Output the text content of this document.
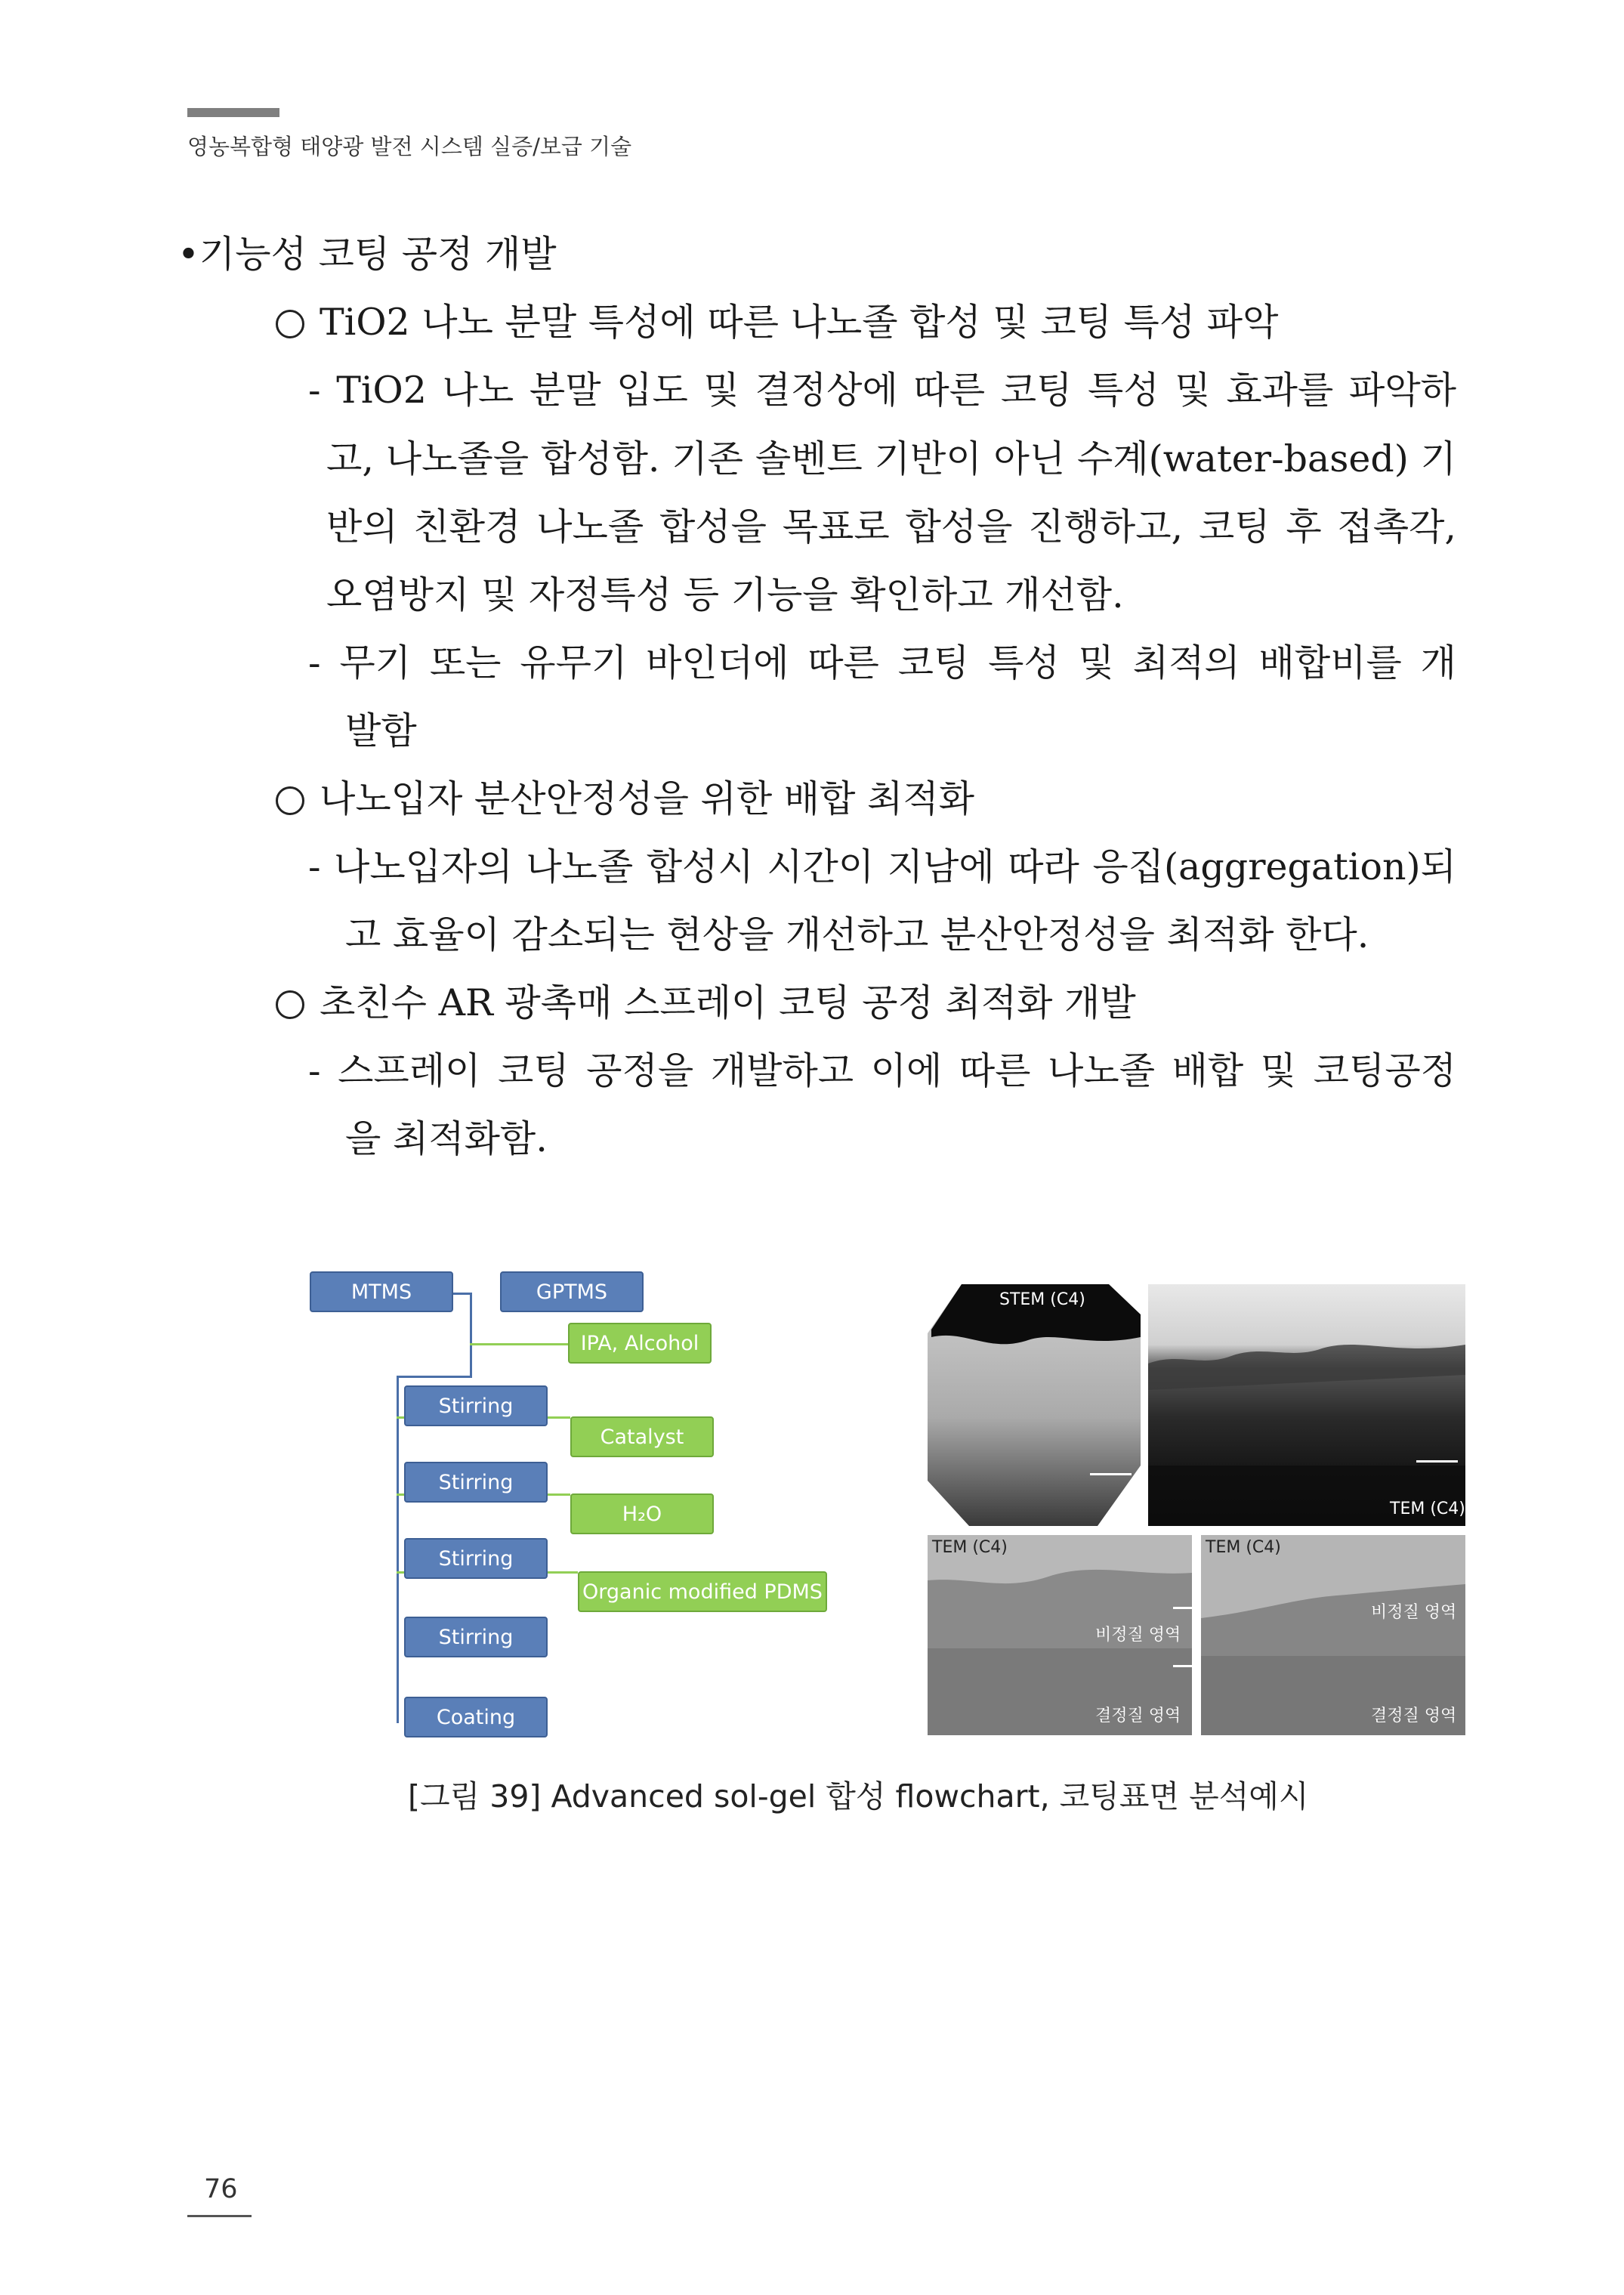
영농복합형 태양광 발전 시스템 실증/보급 기술
•기능성 코팅 공정 개발
TiO2 나노 분말 특성에 따른 나노졸 합성 및 코팅 특성 파악
- TiO2 나노 분말 입도 및 결정상에 따른 코팅 특성 및 효과를 파악하
고, 나노졸을 합성함. 기존 솔벤트 기반이 아닌 수계(water-based) 기
반의 친환경 나노졸 합성을 목표로 합성을 진행하고, 코팅 후 접촉각,
오염방지 및 자정특성 등 기능을 확인하고 개선함.
- 무기 또는 유무기 바인더에 따른 코팅 특성 및 최적의 배합비를 개
발함
나노입자 분산안정성을 위한 배합 최적화
- 나노입자의 나노졸 합성시 시간이 지남에 따라 응집(aggregation)되
고 효율이 감소되는 현상을 개선하고 분산안정성을 최적화 한다.
초친수 AR 광촉매 스프레이 코팅 공정 최적화 개발
- 스프레이 코팅 공정을 개발하고 이에 따른 나노졸 배합 및 코팅공정
을 최적화함.
MTMS	GPTMS
IPA, Alcohol
Stirring
Catalyst
Stirring
H₂O
Stirring
Organic modified PDMS
Stirring
Coating
STEM (C4)
TEM (C4)
TEM (C4)
비정질 영역
결정질 영역
TEM (C4)
비정질 영역
결정질 영역
[그림 39] Advanced sol-gel 합성 flowchart, 코팅표면 분석예시
76
